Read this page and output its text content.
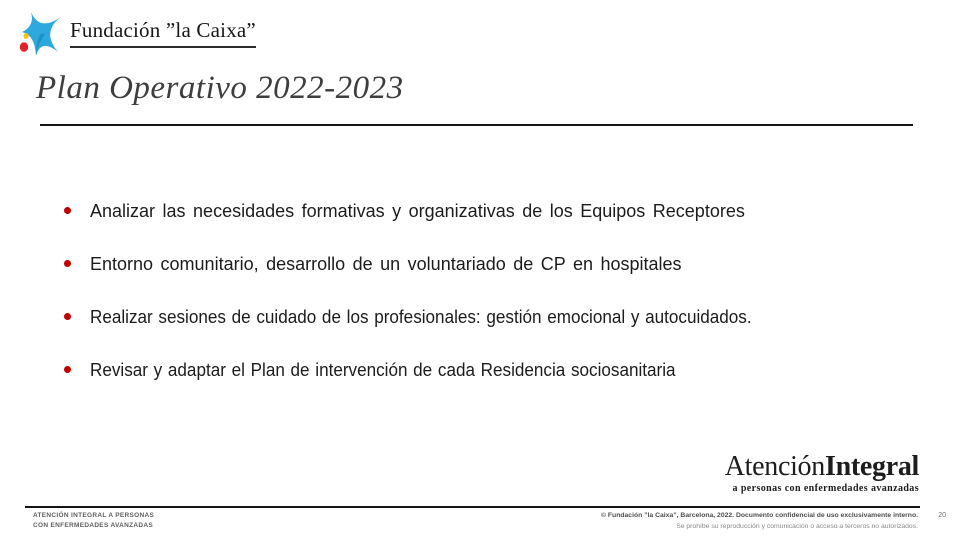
Fundación ”la Caixa”
Plan Operativo 2022-2023
Analizar las necesidades formativas y organizativas de los Equipos Receptores
Entorno comunitario, desarrollo de un voluntariado de CP en hospitales
Realizar sesiones de cuidado de los profesionales: gestión emocional y autocuidados.
Revisar y adaptar el Plan de intervención de cada Residencia sociosanitaria
AtenciónIntegral
a personas con enfermedades avanzadas
ATENCIÓN INTEGRAL A PERSONAS
CON ENFERMEDADES AVANZADAS
© Fundación ”la Caixa”, Barcelona, 2022. Documento confidencial de uso exclusivamente interno.
Se prohíbe su reproducción y comunicación o acceso a terceros no autorizados.
20
